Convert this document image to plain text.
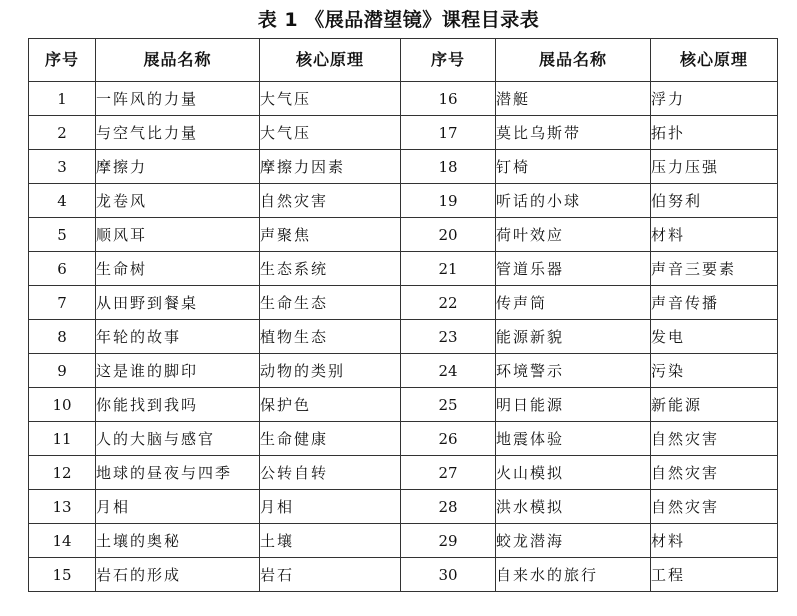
表 1 《展品潜望镜》课程目录表
序号	展品名称	核心原理	序号	展品名称	核心原理
1	一阵风的力量	大气压	16	潜艇	浮力
2	与空气比力量	大气压	17	莫比乌斯带	拓扑
3	摩擦力	摩擦力因素	18	钉椅	压力压强
4	龙卷风	自然灾害	19	听话的小球	伯努利
5	顺风耳	声聚焦	20	荷叶效应	材料
6	生命树	生态系统	21	管道乐器	声音三要素
7	从田野到餐桌	生命生态	22	传声筒	声音传播
8	年轮的故事	植物生态	23	能源新貌	发电
9	这是谁的脚印	动物的类别	24	环境警示	污染
10	你能找到我吗	保护色	25	明日能源	新能源
11	人的大脑与感官	生命健康	26	地震体验	自然灾害
12	地球的昼夜与四季	公转自转	27	火山模拟	自然灾害
13	月相	月相	28	洪水模拟	自然灾害
14	土壤的奥秘	土壤	29	蛟龙潜海	材料
15	岩石的形成	岩石	30	自来水的旅行	工程
